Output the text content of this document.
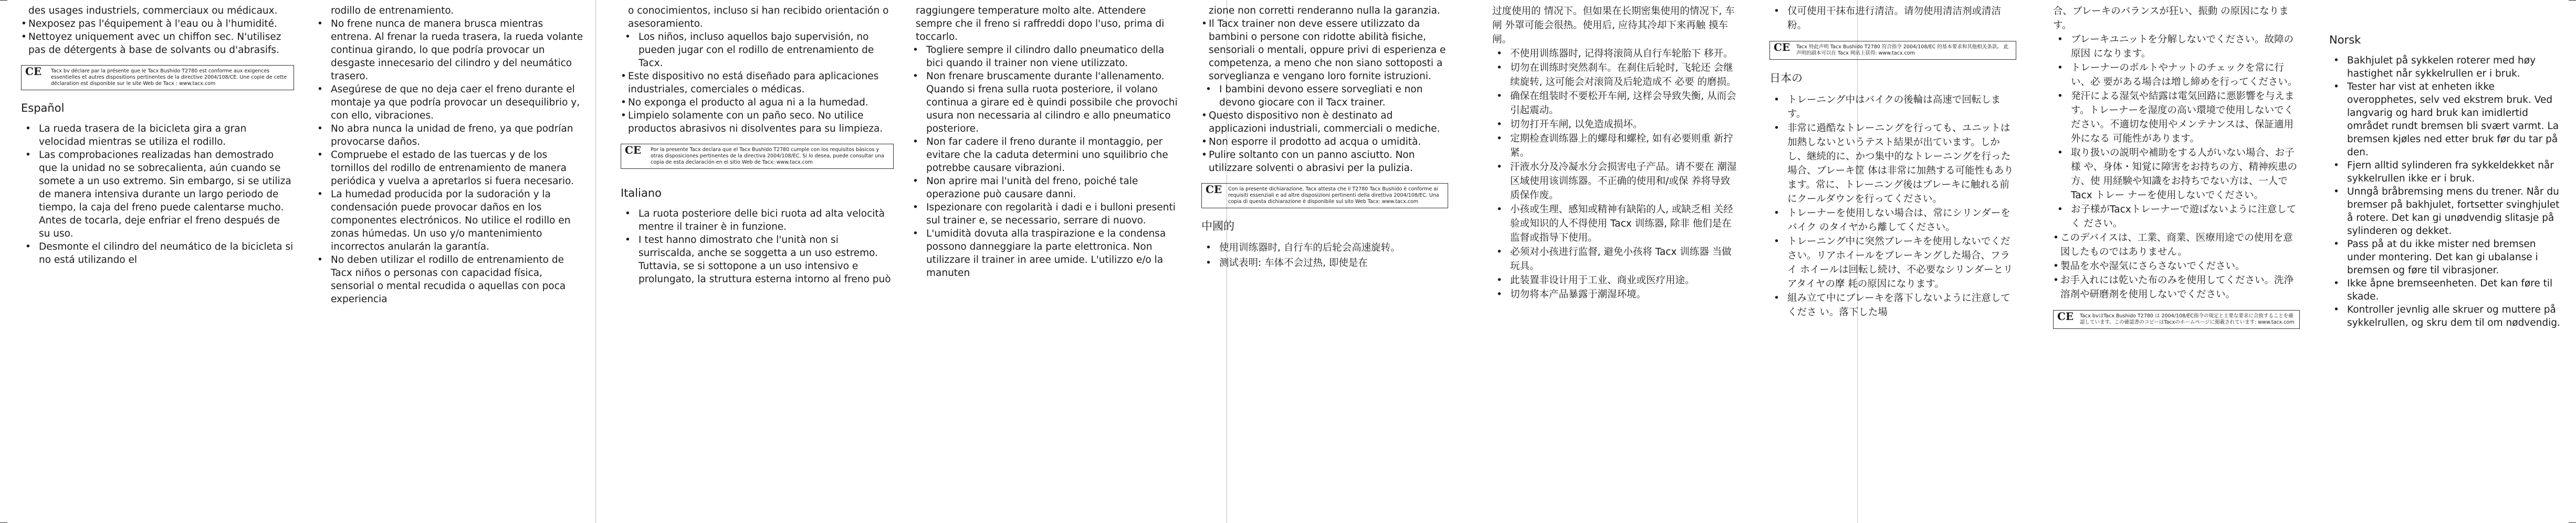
des usages industriels, commerciaux ou médicaux.

• Nexposez pas l'équipement à l'eau ou à l'humidité.

• Nettoyez uniquement avec un chiffon sec. N'utilisez pas de détergents à base de solvants ou d'abrasifs.

CE Tacx bv déclare par la présente que le Tacx Bushido T2780 est conforme aux exigences essentielles et autres dispositions pertinentes de la directive 2004/108/CE. Une copie de cette déclaration est disponible sur le site Web de Tacx : www.tacx.com
Español

• La rueda trasera de la bicicleta gira a gran velocidad mientras se utiliza el rodillo.

• Las comprobaciones realizadas han demostrado que la unidad no se sobrecalienta, aún cuando se somete a un uso extremo. Sin embargo, si se utiliza de manera intensiva durante un largo periodo de tiempo, la caja del freno puede calentarse mucho. Antes de tocarla, deje enfriar el freno después de su uso.

• Desmonte el cilindro del neumático de la bicicleta si no está utilizando el

rodillo de entrenamiento.

• No frene nunca de manera brusca mientras entrena. Al frenar la rueda trasera, la rueda volante continua girando, lo que podría provocar un desgaste innecesario del cilindro y del neumático trasero.

• Asegúrese de que no deja caer el freno durante el montaje ya que podría provocar un desequilibrio y, con ello, vibraciones.

• No abra nunca la unidad de freno, ya que podrían provocarse daños.

• Compruebe el estado de las tuercas y de los tornillos del rodillo de entrenamiento de manera periódica y vuelva a apretarlos si fuera necesario.

• La humedad producida por la sudoración y la condensación puede provocar daños en los componentes electrónicos. No utilice el rodillo en zonas húmedas. Un uso y/o mantenimiento incorrectos anularán la garantía.

• No deben utilizar el rodillo de entrenamiento de Tacx niños o personas con capacidad física, sensorial o mental recudida o aquellas con poca experiencia

o conocimientos, incluso si han recibido orientación o asesoramiento.

• Los niños, incluso aquellos bajo supervisión, no pueden jugar con el rodillo de entrenamiento de Tacx.

• Este dispositivo no está diseñado para aplicaciones industriales, comerciales o médicas.

• No exponga el producto al agua ni a la humedad.

• Limpielo solamente con un paño seco. No utilice productos abrasivos ni disolventes para su limpieza.

CE Por la presente Tacx declara que el Tacx Bushido T2780 cumple con los requisitos básicos y otras disposiciones pertinentes de la directiva 2004/108/EC. Si lo desea, puede consultar una copia de esta declaración en el sitio Web de Tacx: www.tacx.com
Italiano

• La ruota posteriore delle bici ruota ad alta velocità mentre il trainer è in funzione.

• I test hanno dimostrato che l'unità non si surriscalda, anche se soggetta a un uso estremo. Tuttavia, se si sottopone a un uso intensivo e prolungato, la struttura esterna intorno al freno può

raggiungere temperature molto alte. Attendere sempre che il freno si raffreddi dopo l'uso, prima di toccarlo.

• Togliere sempre il cilindro dallo pneumatico della bici quando il trainer non viene utilizzato.

• Non frenare bruscamente durante l'allenamento. Quando si frena sulla ruota posteriore, il volano continua a girare ed è quindi possibile che provochi usura non necessaria al cilindro e allo pneumatico posteriore.

• Non far cadere il freno durante il montaggio, per evitare che la caduta determini uno squilibrio che potrebbe causare vibrazioni.

• Non aprire mai l'unità del freno, poiché tale operazione può causare danni.

• Ispezionare con regolarità i dadi e i bulloni presenti sul trainer e, se necessario, serrare di nuovo.

• L'umidità dovuta alla traspirazione e la condensa possono danneggiare la parte elettronica. Non utilizzare il trainer in aree umide. L'utilizzo e/o la manuten

zione non corretti renderanno nulla la garanzia.

• Il Tacx trainer non deve essere utilizzato da bambini o persone con ridotte abilità fisiche, sensoriali o mentali, oppure privi di esperienza e competenza, a meno che non siano sottoposti a sorveglianza e vengano loro fornite istruzioni.

• I bambini devono essere sorvegliati e non devono giocare con il Tacx trainer.

• Questo dispositivo non è destinato ad applicazioni industriali, commerciali o mediche.

• Non esporre il prodotto ad acqua o umidità.

• Pulire soltanto con un panno asciutto. Non utilizzare solventi o abrasivi per la pulizia.

CE Con la presente dichiarazione, Tacx attesta che il T2780 Tacx Bushido è conforme ai requisiti essenziali e ad altre disposizioni pertinenti della direttiva 2004/108/EC. Una copia di questa dichiarazione è disponibile sul sito Web Tacx: www.tacx.com
中國的

• 使用训练器时, 自行车的后轮会高速旋转。

• 测试表明: 车体不会过热, 即使是在

过度使用的 情况下。但如果在长期密集使用的情况下, 车闸 外罩可能会很热。使用后, 应待其冷却下来再触 摸车闸。

• 不使用训练器时, 记得将滚筒从自行车轮胎下 移开。

• 切勿在训练时突然刹车。在刹住后轮时, 飞轮还 会继续旋转, 这可能会对滚筒及后轮造成不 必要 的磨损。

• 确保在组装时不要松开车闸, 这样会导致失衡, 从而会引起震动。

• 切勿打开车闸, 以免造成损坏。

• 定期检查训练器上的螺母和螺栓, 如有必要则重 新拧紧。

• 汗液水分及冷凝水分会损害电子产品。请不要在 潮湿区域使用该训练器。不正确的使用和/或保 养将导致质保作废。

• 小孩或生理、感知或精神有缺陷的人, 或缺乏相 关经验或知识的人不得使用 Tacx 训练器, 除非 他们是在监督或指导下使用。

• 必须对小孩进行监督, 避免小孩将 Tacx 训练器 当做玩具。

• 此装置非设计用于工业、商业或医疗用途。

• 切勿将本产品暴露于潮湿环境。

• 仅可使用干抹布进行清洁。请勿使用清洁剂或清洁粉。

CE Tacx 特此声明 Tacx Bushido T2780 符合指令 2004/108/EC 的基本要求和其他相关条款。 此声明的副本可以在 Tacx 网站上获得: www.tacx.com
日本の

• トレーニング中はバイクの後輪は高速で回転します。

• 非常に過酷なトレーニングを行っても、ユニットは加熱しないというテスト結果が出ています。しかし、継続的に、かつ集中的なトレーニングを行った場合、ブレーキ筐 体は非常に加熱する可能性もあります。常に、トレーニング後はブレーキに触れる前にクールダウンを行ってください。

• トレーナーを使用しない場合は、常にシリンダーをバイク のタイヤから離してください。

• トレーニング中に突然ブレーキを使用しないでください。リアホイールをブレーキングした場合、フライ ホイールは回転し続け、不必要なシリンダーとリアタイヤの摩 耗の原因になります。

• 組み立て中にブレーキを落下しないように注意してくださ い。落下した場

合、ブレーキのバランスが狂い、振動 の原因になります。

• ブレーキユニットを分解しないでください。故障の原因 になります。

• トレーナーのボルトやナットのチェックを常に行い、必 要がある場合は増し締めを行ってください。

• 発汗による湿気や結露は電気回路に悪影響を与えます。トレーナーを湿度の高い環境で使用しないでください。不適切な使用やメンテナンスは、保証適用外になる 可能性があります。

• 取り扱いの説明や補助をする人がいない場合、お子様 や、身体・知覚に障害をお持ちの方、精神疾患の方、使 用経験や知識をお持ちでない方は、一人でTacx トレー ナーを使用しないでください。

• お子様がTacxトレーナーで遊ばないように注意してく ださい。

• このデバイスは、工業、商業、医療用途での使用を意図したものではありません。

• 製品を水や湿気にさらさないでください。

• お手入れには乾いた布のみを使用してください。洗浄溶剤や研磨剤を使用しないでください。

CE Tacx bvはTacx Bushido T2780 は 2004/108/EC指令の規定と主要な要求に合致することを確認しています。この確認書のコピーはTacxのホームページに掲載されています: www.tacx.com
Norsk

• Bakhjulet på sykkelen roterer med høy hastighet når sykkelrullen er i bruk.

• Tester har vist at enheten ikke overopphetes, selv ved ekstrem bruk. Ved langvarig og hard bruk kan imidlertid området rundt bremsen bli svært varmt. La bremsen kjøles ned etter bruk før du tar på den.

• Fjern alltid sylinderen fra sykkeldekket når sykkelrullen ikke er i bruk.

• Unngå bråbremsing mens du trener. Når du bremser på bakhjulet, fortsetter svinghjulet å rotere. Det kan gi unødvendig slitasje på sylinderen og dekket.

• Pass på at du ikke mister ned bremsen under montering. Det kan gi ubalanse i bremsen og føre til vibrasjoner.

• Ikke åpne bremseenheten. Det kan føre til skade.

• Kontroller jevnlig alle skruer og muttere på sykkelrullen, og skru dem til om nødvendig.
